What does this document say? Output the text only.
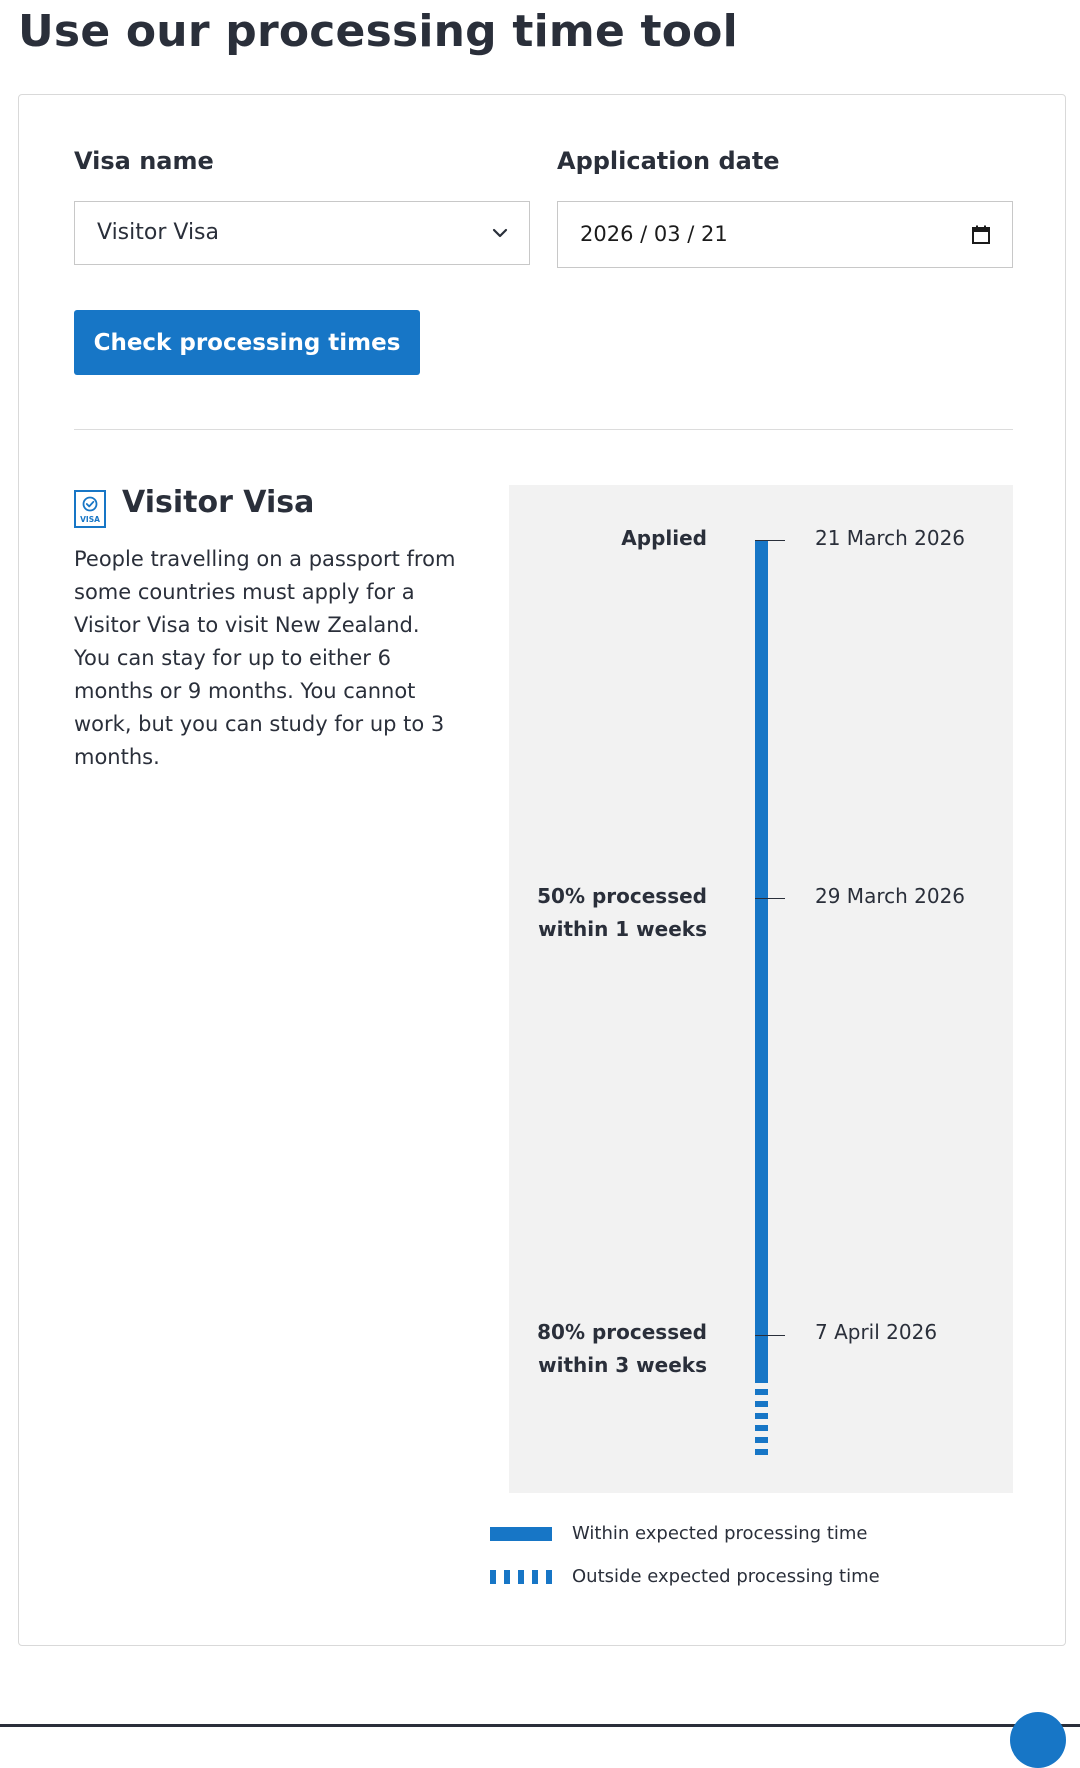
Use our processing time tool
Visa name
Visitor Visa
Application date
2026 / 03 / 21
Check processing times
VISA Visitor Visa

People travelling on a passport from some countries must apply for a Visitor Visa to visit New Zealand. You can stay for up to either 6 months or 9 months. You cannot work, but you can study for up to 3 months.

Applied	21 March 2026
50% processed
within 1 weeks
29 March 2026
80% processed
within 3 weeks
7 April 2026
Within expected processing time
Outside expected processing time
